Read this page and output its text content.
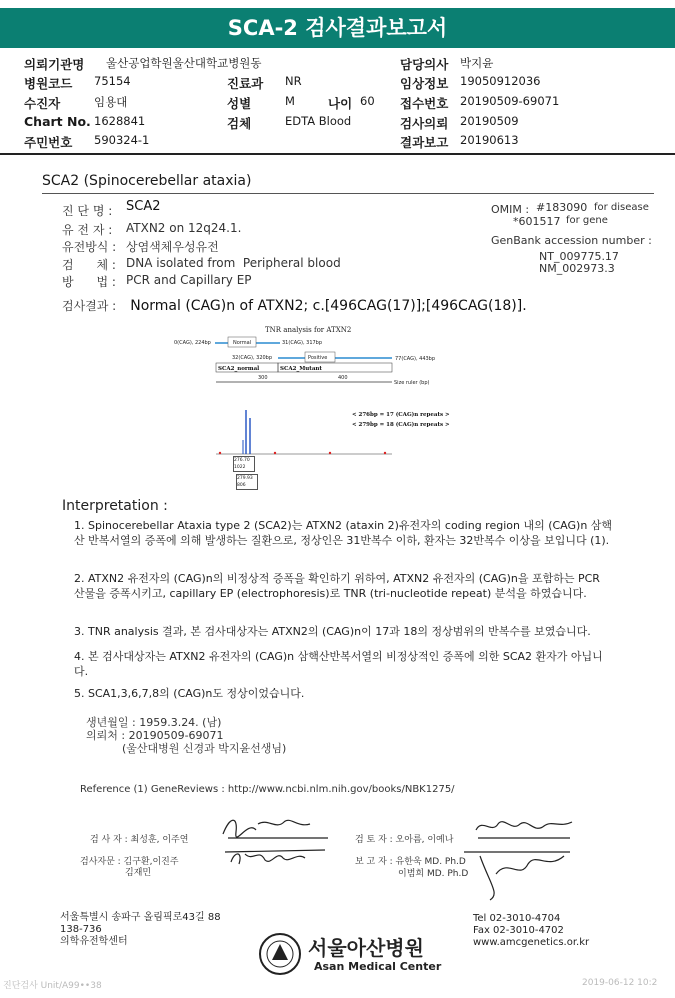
SCA-2 검사결과보고서
의뢰기관명 울산공업학원울산대학교병원동	담당의사 박지윤
병원코드 75154	진료과 NR	임상정보 19050912036
수진자	임용대	성별	M	나이 60 접수번호 20190509-69071
Chart No. 1628841	검체	EDTA Blood	검사의뢰 20190509
주민번호 590324-1	결과보고 20190613
SCA2 (Spinocerebellar ataxia)
진 단 명 : SCA2
유 전 자 : ATXN2 on 12q24.1.
유전방식 : 상염색체우성유전
검      체 : DNA isolated from  Peripheral blood
방      법 : PCR and Capillary EP
OMIM : #183090 for disease
*601517 for gene
GenBank accession number :
NT_009775.17
NM_002973.3
검사결과 : Normal (CAG)n of ATXN2; c.[496CAG(17)];[496CAG(18)].
TNR analysis for ATXN2
0(CAG), 224bp	Normal	31(CAG), 317bp
32(CAG), 320bp	Positive	77(CAG), 443bp
SCA2_normal	SCA2_Mutant
300	400
Size ruler (bp)
< 276bp = 17 (CAG)n repeats >
< 279bp = 18 (CAG)n repeats >
276.70
1022
279.93
806
Interpretation :
1. Spinocerebellar Ataxia type 2 (SCA2)는 ATXN2 (ataxin 2)유전자의 coding region 내의 (CAG)n 삼핵산 반복서열의 증폭에 의해 발생하는 질환으로, 정상인은 31반복수 이하, 환자는 32반복수 이상을 보입니다 (1).
2. ATXN2 유전자의 (CAG)n의 비정상적 증폭을 확인하기 위하여, ATXN2 유전자의 (CAG)n을 포함하는 PCR 산물을 증폭시키고, capillary EP (electrophoresis)로 TNR (tri-nucleotide repeat) 분석을 하였습니다.
3. TNR analysis 결과, 본 검사대상자는 ATXN2의 (CAG)n이 17과 18의 정상범위의 반복수를 보였습니다.
4. 본 검사대상자는 ATXN2 유전자의 (CAG)n 삼핵산반복서열의 비정상적인 증폭에 의한 SCA2 환자가 아닙니다.
5. SCA1,3,6,7,8의 (CAG)n도 정상이었습니다.
생년월일 : 1959.3.24. (남)
의뢰처 : 20190509-69071
(울산대병원 신경과 박지윤선생님)
Reference (1) GeneReviews : http://www.ncbi.nlm.nih.gov/books/NBK1275/
검 사 자 : 최성훈, 이주연
검사자문 : 김구환,이진주
김재민
검 토 자 : 오아름, 이예나
보 고 자 : 유한욱 MD. Ph.D
이범희 MD. Ph.D
서울특별시 송파구 올림픽로43길 88
138-736
의학유전학센터
Tel 02-3010-4704
Fax 02-3010-4702
www.amcgenetics.or.kr
서울아산병원
Asan Medical Center
진단검사 Unit/A99••38	2019-06-12 10:2
